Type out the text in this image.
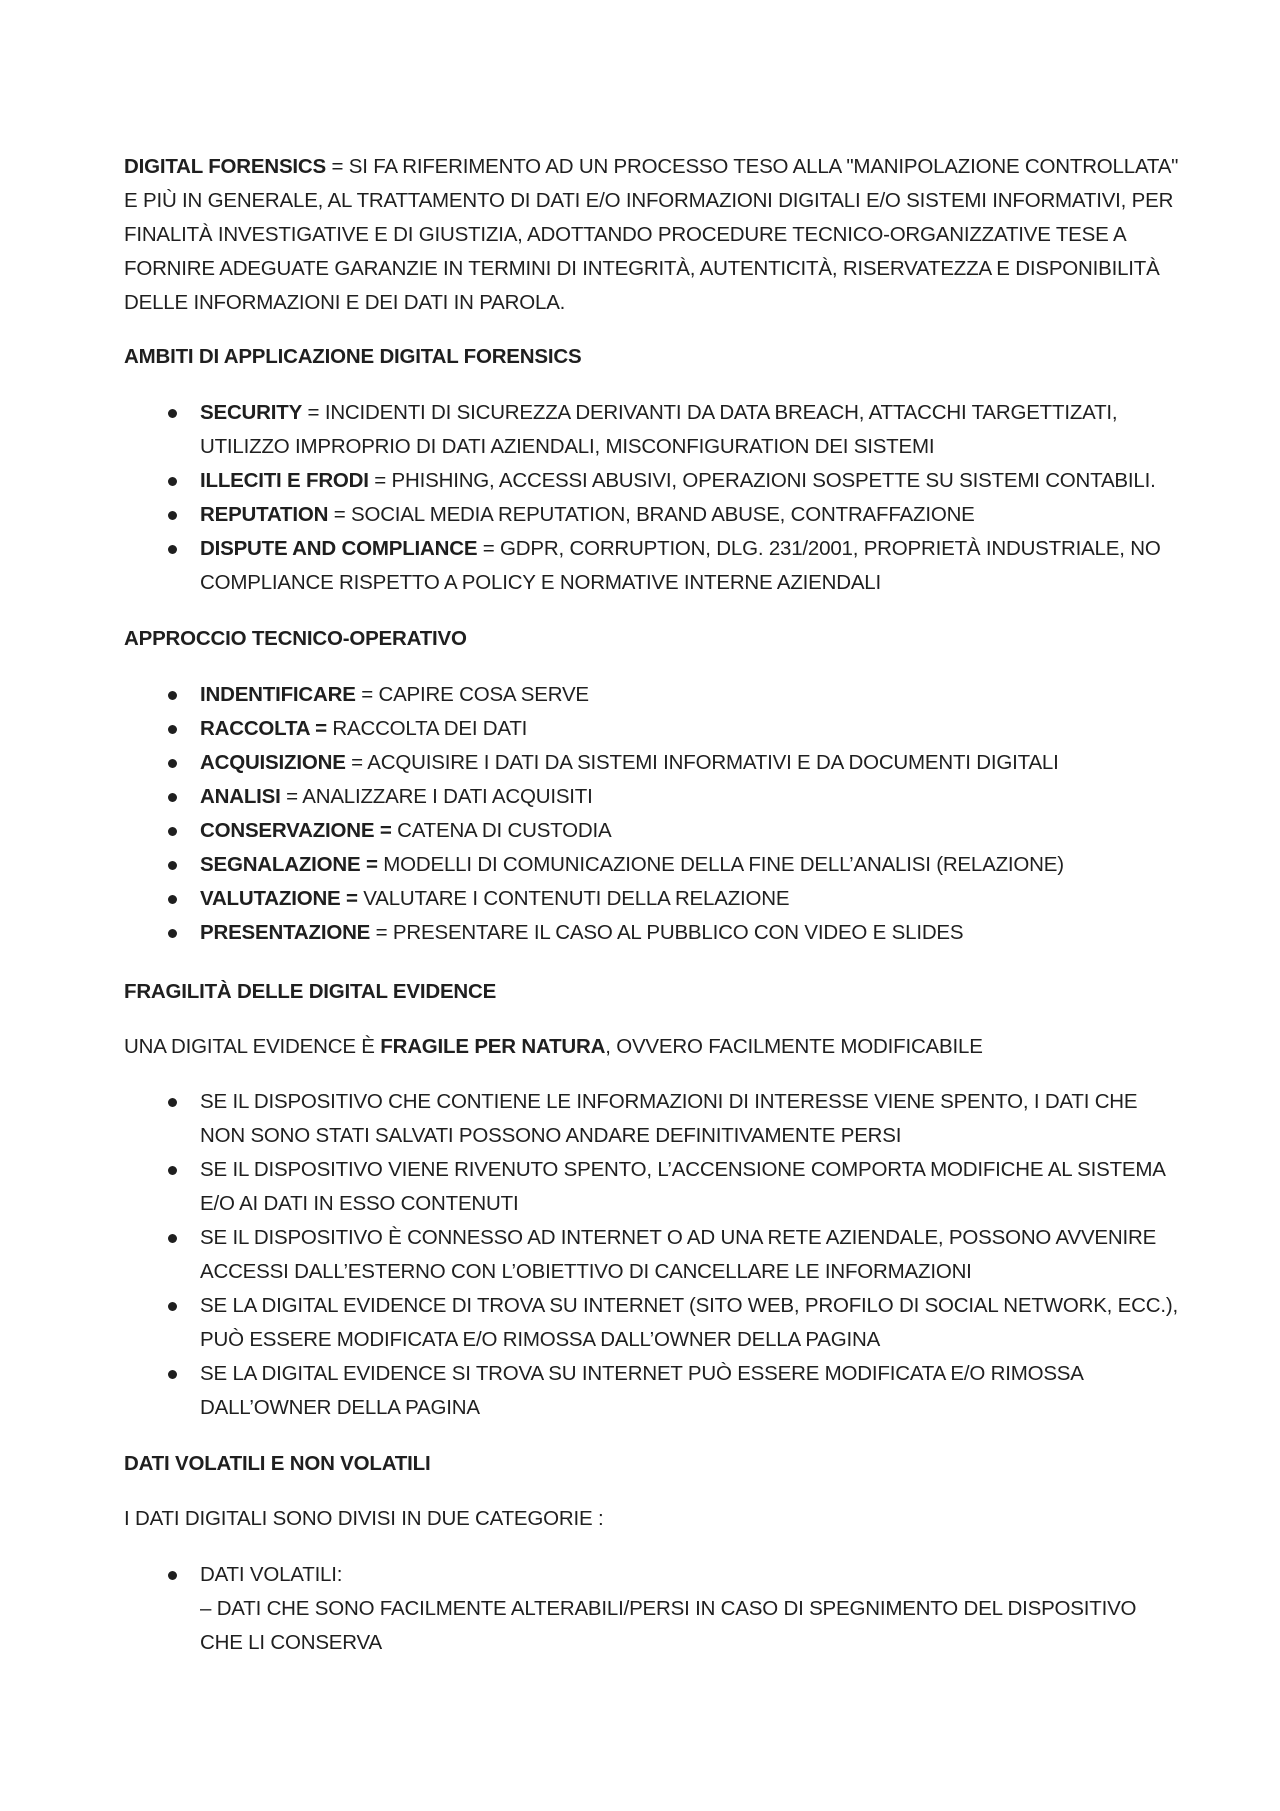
DIGITAL FORENSICS = SI FA RIFERIMENTO AD UN PROCESSO TESO ALLA "MANIPOLAZIONE CONTROLLATA" E PIÙ IN GENERALE, AL TRATTAMENTO DI DATI E/O INFORMAZIONI DIGITALI E/O SISTEMI INFORMATIVI, PER FINALITÀ INVESTIGATIVE E DI GIUSTIZIA, ADOTTANDO PROCEDURE TECNICO-ORGANIZZATIVE TESE A FORNIRE ADEGUATE GARANZIE IN TERMINI DI INTEGRITÀ, AUTENTICITÀ, RISERVATEZZA E DISPONIBILITÀ DELLE INFORMAZIONI E DEI DATI IN PAROLA.
AMBITI DI APPLICAZIONE DIGITAL FORENSICS
SECURITY = INCIDENTI DI SICUREZZA DERIVANTI DA DATA BREACH, ATTACCHI TARGETTIZATI, UTILIZZO IMPROPRIO DI DATI AZIENDALI, MISCONFIGURATION DEI SISTEMI
ILLECITI E FRODI = PHISHING, ACCESSI ABUSIVI, OPERAZIONI SOSPETTE SU SISTEMI CONTABILI.
REPUTATION = SOCIAL MEDIA REPUTATION, BRAND ABUSE, CONTRAFFAZIONE
DISPUTE AND COMPLIANCE = GDPR, CORRUPTION, DLG. 231/2001, PROPRIETÀ INDUSTRIALE, NO COMPLIANCE RISPETTO A POLICY E NORMATIVE INTERNE AZIENDALI
APPROCCIO TECNICO-OPERATIVO
INDENTIFICARE = CAPIRE COSA SERVE
RACCOLTA = RACCOLTA DEI DATI
ACQUISIZIONE = ACQUISIRE I DATI DA SISTEMI INFORMATIVI E DA DOCUMENTI DIGITALI
ANALISI = ANALIZZARE I DATI ACQUISITI
CONSERVAZIONE = CATENA DI CUSTODIA
SEGNALAZIONE = MODELLI DI COMUNICAZIONE DELLA FINE DELL’ANALISI (RELAZIONE)
VALUTAZIONE = VALUTARE I CONTENUTI DELLA RELAZIONE
PRESENTAZIONE = PRESENTARE IL CASO AL PUBBLICO CON VIDEO E SLIDES
FRAGILITÀ DELLE DIGITAL EVIDENCE
UNA DIGITAL EVIDENCE È FRAGILE PER NATURA, OVVERO FACILMENTE MODIFICABILE
SE IL DISPOSITIVO CHE CONTIENE LE INFORMAZIONI DI INTERESSE VIENE SPENTO, I DATI CHE NON SONO STATI SALVATI POSSONO ANDARE DEFINITIVAMENTE PERSI
SE IL DISPOSITIVO VIENE RIVENUTO SPENTO, L’ACCENSIONE COMPORTA MODIFICHE AL SISTEMA E/O AI DATI IN ESSO CONTENUTI
SE IL DISPOSITIVO È CONNESSO AD INTERNET O AD UNA RETE AZIENDALE, POSSONO AVVENIRE ACCESSI DALL’ESTERNO CON L’OBIETTIVO DI CANCELLARE LE INFORMAZIONI
SE LA DIGITAL EVIDENCE DI TROVA SU INTERNET (SITO WEB, PROFILO DI SOCIAL NETWORK, ECC.), PUÒ ESSERE MODIFICATA E/O RIMOSSA DALL’OWNER DELLA PAGINA
SE LA DIGITAL EVIDENCE SI TROVA SU INTERNET PUÒ ESSERE MODIFICATA E/O RIMOSSA DALL’OWNER DELLA PAGINA
DATI VOLATILI E NON VOLATILI
I DATI DIGITALI SONO DIVISI IN DUE CATEGORIE :
DATI VOLATILI:
– DATI CHE SONO FACILMENTE ALTERABILI/PERSI IN CASO DI SPEGNIMENTO DEL DISPOSITIVO CHE LI CONSERVA
